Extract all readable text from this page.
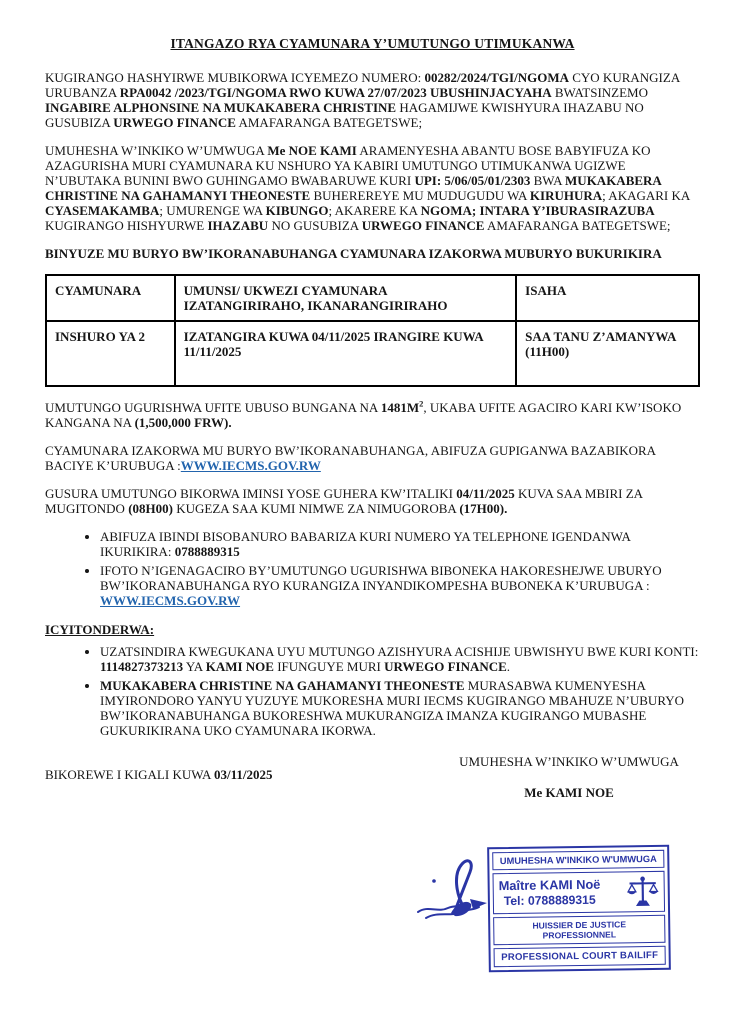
ITANGAZO RYA CYAMUNARA Y’UMUTUNGO UTIMUKANWA

KUGIRANGO HASHYIRWE MUBIKORWA ICYEMEZO NUMERO: 00282/2024/TGI/NGOMA CYO KURANGIZA URUBANZA RPA0042 /2023/TGI/NGOMA RWO KUWA 27/07/2023 UBUSHINJACYAHA BWATSINZEMO INGABIRE ALPHONSINE NA MUKAKABERA CHRISTINE HAGAMIJWE KWISHYURA IHAZABU NO GUSUBIZA URWEGO FINANCE AMAFARANGA BATEGETSWE;

UMUHESHA W’INKIKO W’UMWUGA Me NOE KAMI ARAMENYESHA ABANTU BOSE BABYIFUZA KO AZAGURISHA MURI CYAMUNARA KU NSHURO YA KABIRI UMUTUNGO UTIMUKANWA UGIZWE N’UBUTAKA BUNINI BWO GUHINGAMO BWABARUWE KURI UPI: 5/06/05/01/2303 BWA MUKAKABERA CHRISTINE NA GAHAMANYI THEONESTE BUHEREREYE MU MUDUGUDU WA KIRUHURA; AKAGARI KA CYASEMAKAMBA; UMURENGE WA KIBUNGO; AKARERE KA NGOMA; INTARA Y’IBURASIRAZUBA KUGIRANGO HISHYURWE IHAZABU NO GUSUBIZA URWEGO FINANCE AMAFARANGA BATEGETSWE;

BINYUZE MU BURYO BW’IKORANABUHANGA CYAMUNARA IZAKORWA MUBURYO BUKURIKIRA

CYAMUNARA	UMUNSI/ UKWEZI CYAMUNARA IZATANGIRIRAHO, IKANARANGIRIRAHO	ISAHA
INSHURO YA 2	IZATANGIRA KUWA 04/11/2025 IRANGIRE KUWA 11/11/2025	SAA TANU Z’AMANYWA (11H00)

UMUTUNGO UGURISHWA UFITE UBUSO BUNGANA NA $1481M^2$, UKABA UFITE AGACIRO KARI KW’ISOKO KANGANA NA (1,500,000 FRW).

CYAMUNARA IZAKORWA MU BURYO BW’IKORANABUHANGA, ABIFUZA GUPIGANWA BAZABIKORA BACIYE K’URUBUGA :WWW.IECMS.GOV.RW

GUSURA UMUTUNGO BIKORWA IMINSI YOSE GUHERA KW’ITALIKI 04/11/2025 KUVA SAA MBIRI ZA MUGITONDO (08H00) KUGEZA SAA KUMI NIMWE ZA NIMUGOROBA (17H00).

• ABIFUZA IBINDI BISOBANURO BABARIZA KURI NUMERO YA TELEPHONE IGENDANWA IKURIKIRA: 0788889315
• IFOTO N’IGENAGACIRO BY’UMUTUNGO UGURISHWA BIBONEKA HAKORESHEJWE UBURYO BW’IKORANABUHANGA RYO KURANGIZA INYANDIKOMPESHA BUBONEKA K’URUBUGA : WWW.IECMS.GOV.RW

ICYITONDERWA:

• UZATSINDIRA KWEGUKANA UYU MUTUNGO AZISHYURA ACISHIJE UBWISHYU BWE KURI KONTI: 1114827373213 YA KAMI NOE IFUNGUYE MURI URWEGO FINANCE.
• MUKAKABERA CHRISTINE NA GAHAMANYI THEONESTE MURASABWA KUMENYESHA IMYIRONDORO YANYU YUZUYE MUKORESHA MURI IECMS KUGIRANGO MBAHUZE N’UBURYO BW’IKORANABUHANGA BUKORESHWA MUKURANGIZA IMANZA KUGIRANGO MUBASHE GUKURIKIRANA UKO CYAMUNARA IKORWA.

BIKOREWE I KIGALI KUWA 03/11/2025

UMUHESHA W’INKIKO W’UMWUGA
Me KAMI NOE
UMUHESHA W'INKIKO W'UMWUGA
Maître KAMI Noë
Tel: 0788889315
HUISSIER DE JUSTICE PROFESSIONNEL
PROFESSIONAL COURT BAILIFF
